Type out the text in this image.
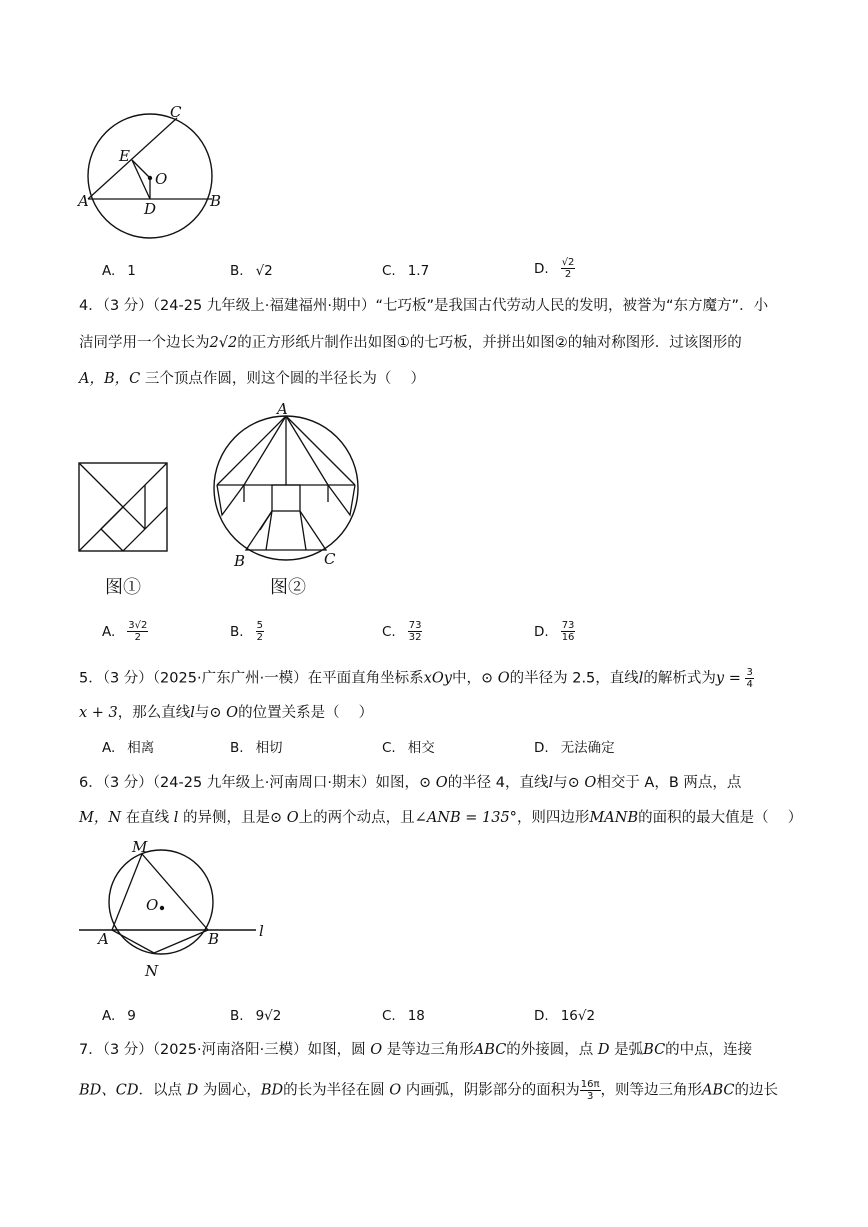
C
E
O
A	D	B
A. 1	B. √2	C. 1.7	D. $\frac{√2}{2}$
4．（3 分）（24-25 九年级上·福建福州·期中）“七巧板”是我国古代劳动人民的发明，被誉为“东方魔方”．小
洁同学用一个边长为2√2的正方形纸片制作出如图①的七巧板，并拼出如图②的轴对称图形．过该图形的
A，B，C 三个顶点作圆，则这个圆的半径长为（　 ）
图①
A
B	C
图②
A. $\frac{3√2}{2}$	B. $\frac{5}{2}$	C. $\frac{73}{32}$	D. $\frac{73}{16}$
5．（3 分）（2025·广东广州·一模）在平面直角坐标系xOy中，⊙ O的半径为 2.5，直线l的解析式为$y = \frac{3}{4}$
x + 3，那么直线l与⊙ O的位置关系是（　 ）
A. 相离	B. 相切	C. 相交	D. 无法确定
6．（3 分）（24-25 九年级上·河南周口·期末）如图，⊙ O的半径 4，直线l与⊙ O相交于 A，B 两点，点
M，N 在直线 l 的异侧，且是⊙ O上的两个动点，且∠ANB = 135°，则四边形MANB的面积的最大值是（　 ）
M
O
A	B
N
l
A. 9	B. 9√2	C. 18	D. 16√2
7．（3 分）（2025·河南洛阳·三模）如图，圆 O 是等边三角形ABC的外接圆，点 D 是弧BC的中点，连接
BD、CD．以点 D 为圆心，BD的长为半径在圆 O 内画弧，阴影部分的面积为 $\frac{16\pi}{3}$ ，则等边三角形ABC的边长
